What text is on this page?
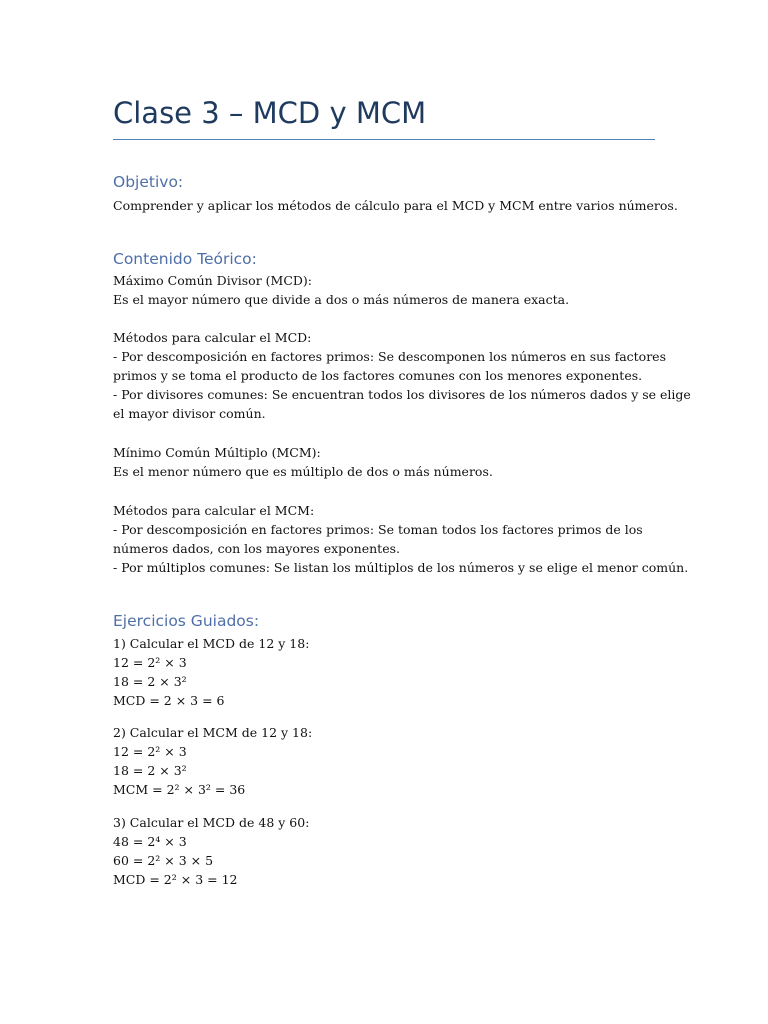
Clase 3 – MCD y MCM
Objetivo:
Comprender y aplicar los métodos de cálculo para el MCD y MCM entre varios números.
Contenido Teórico:
Máximo Común Divisor (MCD):
Es el mayor número que divide a dos o más números de manera exacta.
Métodos para calcular el MCD:
- Por descomposición en factores primos: Se descomponen los números en sus factores
primos y se toma el producto de los factores comunes con los menores exponentes.
- Por divisores comunes: Se encuentran todos los divisores de los números dados y se elige
el mayor divisor común.
Mínimo Común Múltiplo (MCM):
Es el menor número que es múltiplo de dos o más números.
Métodos para calcular el MCM:
- Por descomposición en factores primos: Se toman todos los factores primos de los
números dados, con los mayores exponentes.
- Por múltiplos comunes: Se listan los múltiplos de los números y se elige el menor común.
Ejercicios Guiados:
1) Calcular el MCD de 12 y 18:
12 = 2² × 3
18 = 2 × 3²
MCD = 2 × 3 = 6
2) Calcular el MCM de 12 y 18:
12 = 2² × 3
18 = 2 × 3²
MCM = 2² × 3² = 36
3) Calcular el MCD de 48 y 60:
48 = 2⁴ × 3
60 = 2² × 3 × 5
MCD = 2² × 3 = 12
